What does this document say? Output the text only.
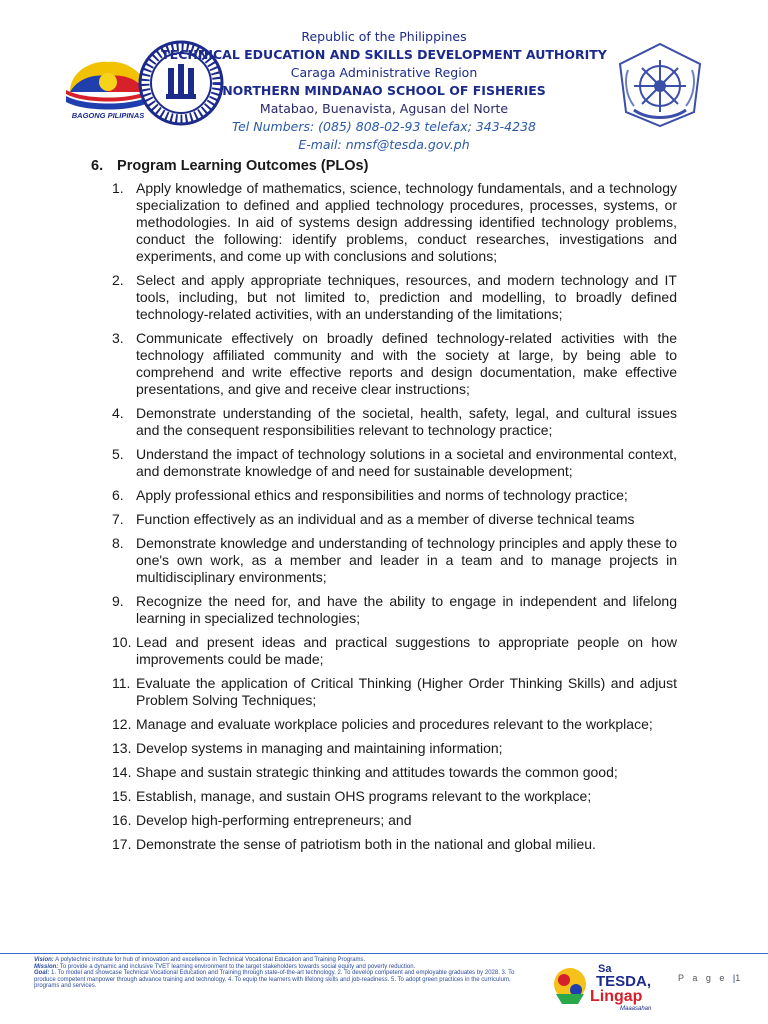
BAGONG PILIPINAS
Republic of the Philippines
TECHNICAL EDUCATION AND SKILLS DEVELOPMENT AUTHORITY
Caraga Administrative Region
NORTHERN MINDANAO SCHOOL OF FISHERIES
Matabao, Buenavista, Agusan del Norte
Tel Numbers: (085) 808-02-93 telefax; 343-4238
E-mail: nmsf@tesda.gov.ph
6. Program Learning Outcomes (PLOs)
1. Apply knowledge of mathematics, science, technology fundamentals, and a technology specialization to defined and applied technology procedures, processes, systems, or methodologies. In aid of systems design addressing identified technology problems, conduct the following: identify problems, conduct researches, investigations and experiments, and come up with conclusions and solutions;
2. Select and apply appropriate techniques, resources, and modern technology and IT tools, including, but not limited to, prediction and modelling, to broadly defined technology-related activities, with an understanding of the limitations;
3. Communicate effectively on broadly defined technology-related activities with the technology affiliated community and with the society at large, by being able to comprehend and write effective reports and design documentation, make effective presentations, and give and receive clear instructions;
4. Demonstrate understanding of the societal, health, safety, legal, and cultural issues and the consequent responsibilities relevant to technology practice;
5. Understand the impact of technology solutions in a societal and environmental context, and demonstrate knowledge of and need for sustainable development;
6. Apply professional ethics and responsibilities and norms of technology practice;
7. Function effectively as an individual and as a member of diverse technical teams
8. Demonstrate knowledge and understanding of technology principles and apply these to one's own work, as a member and leader in a team and to manage projects in multidisciplinary environments;
9. Recognize the need for, and have the ability to engage in independent and lifelong learning in specialized technologies;
10. Lead and present ideas and practical suggestions to appropriate people on how improvements could be made;
11. Evaluate the application of Critical Thinking (Higher Order Thinking Skills) and adjust Problem Solving Techniques;
12. Manage and evaluate workplace policies and procedures relevant to the workplace;
13. Develop systems in managing and maintaining information;
14. Shape and sustain strategic thinking and attitudes towards the common good;
15. Establish, manage, and sustain OHS programs relevant to the workplace;
16. Develop high-performing entrepreneurs; and
17. Demonstrate the sense of patriotism both in the national and global milieu.
Vision: A polytechnic institute for hub of innovation and excellence in Technical Vocational Education and Training Programs.
Mission: To provide a dynamic and inclusive TVET learning environment to the target stakeholders towards social equity and poverty reduction.
Goal: 1. To model and showcase Technical Vocational Education and Training through state-of-the-art technology. 2. To develop competent and employable graduates by 2028. 3. To produce competent manpower through advance training and technology. 4. To equip the learners with lifelong skills and job-readiness. 5. To adopt green practices in the curriculum, programs and services.
Sa
TESDA,
Lingap
Maaasahan
P a g e |1
